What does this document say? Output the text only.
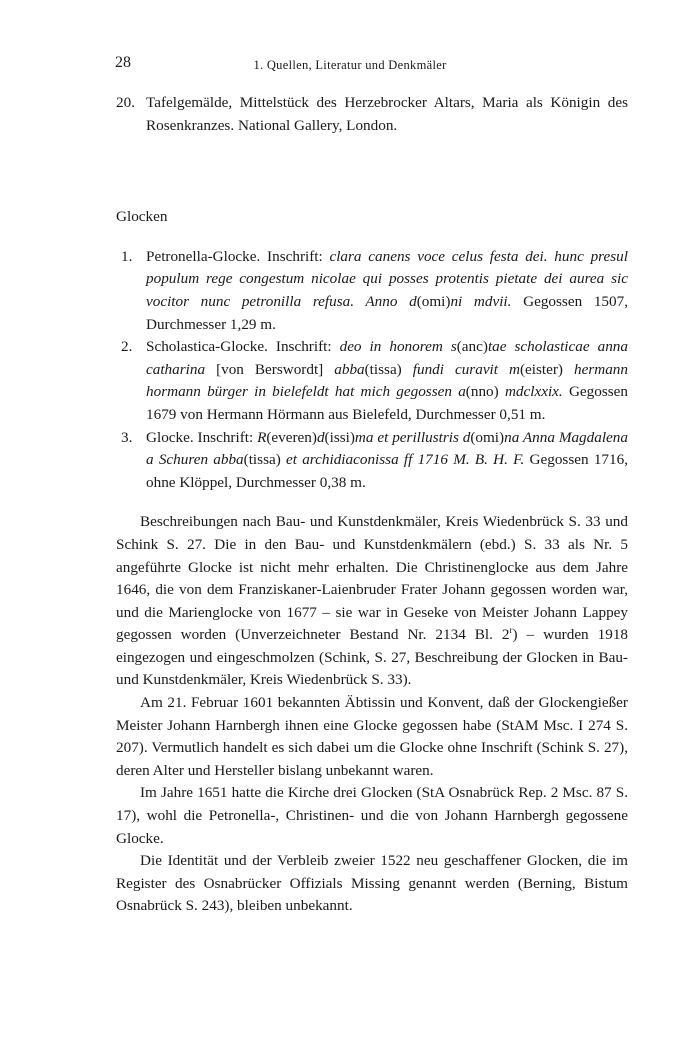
28	1. Quellen, Literatur und Denkmäler
20. Tafelgemälde, Mittelstück des Herzebrocker Altars, Maria als Königin des Rosenkranzes. National Gallery, London.
Glocken
1. Petronella-Glocke. Inschrift: clara canens voce celus festa dei. hunc presul populum rege congestum nicolae qui posses protentis pietate dei aurea sic vocitor nunc petronilla refusa. Anno d(omi)ni mdvii. Gegossen 1507, Durchmesser 1,29 m.
2. Scholastica-Glocke. Inschrift: deo in honorem s(anc)tae scholasticae anna catharina [von Berswordt] abba(tissa) fundi curavit m(eister) hermann hormann bürger in bielefeldt hat mich gegossen a(nno) mdclxxix. Gegossen 1679 von Hermann Hörmann aus Bielefeld, Durchmesser 0,51 m.
3. Glocke. Inschrift: R(everen)d(issi)ma et perillustris d(omi)na Anna Magdalena a Schuren abba(tissa) et archidiaconissa ff 1716 M. B. H. F. Gegossen 1716, ohne Klöppel, Durchmesser 0,38 m.

Beschreibungen nach Bau- und Kunstdenkmäler, Kreis Wiedenbrück S. 33 und Schink S. 27. Die in den Bau- und Kunstdenkmälern (ebd.) S. 33 als Nr. 5 angeführte Glocke ist nicht mehr erhalten. Die Christinenglocke aus dem Jahre 1646, die von dem Franziskaner-Laienbruder Frater Johann gegossen worden war, und die Marienglocke von 1677 – sie war in Geseke von Meister Johann Lappey gegossen worden (Unverzeichneter Bestand Nr. 2134 Bl. 2$^r$) – wurden 1918 eingezogen und eingeschmolzen (Schink, S. 27, Beschreibung der Glocken in Bau- und Kunstdenkmäler, Kreis Wiedenbrück S. 33).

Am 21. Februar 1601 bekannten Äbtissin und Konvent, daß der Glockengießer Meister Johann Harnbergh ihnen eine Glocke gegossen habe (StAM Msc. I 274 S. 207). Vermutlich handelt es sich dabei um die Glocke ohne Inschrift (Schink S. 27), deren Alter und Hersteller bislang unbekannt waren.

Im Jahre 1651 hatte die Kirche drei Glocken (StA Osnabrück Rep. 2 Msc. 87 S. 17), wohl die Petronella-, Christinen- und die von Johann Harnbergh gegossene Glocke.

Die Identität und der Verbleib zweier 1522 neu geschaffener Glocken, die im Register des Osnabrücker Offizials Missing genannt werden (Berning, Bistum Osnabrück S. 243), bleiben unbekannt.
